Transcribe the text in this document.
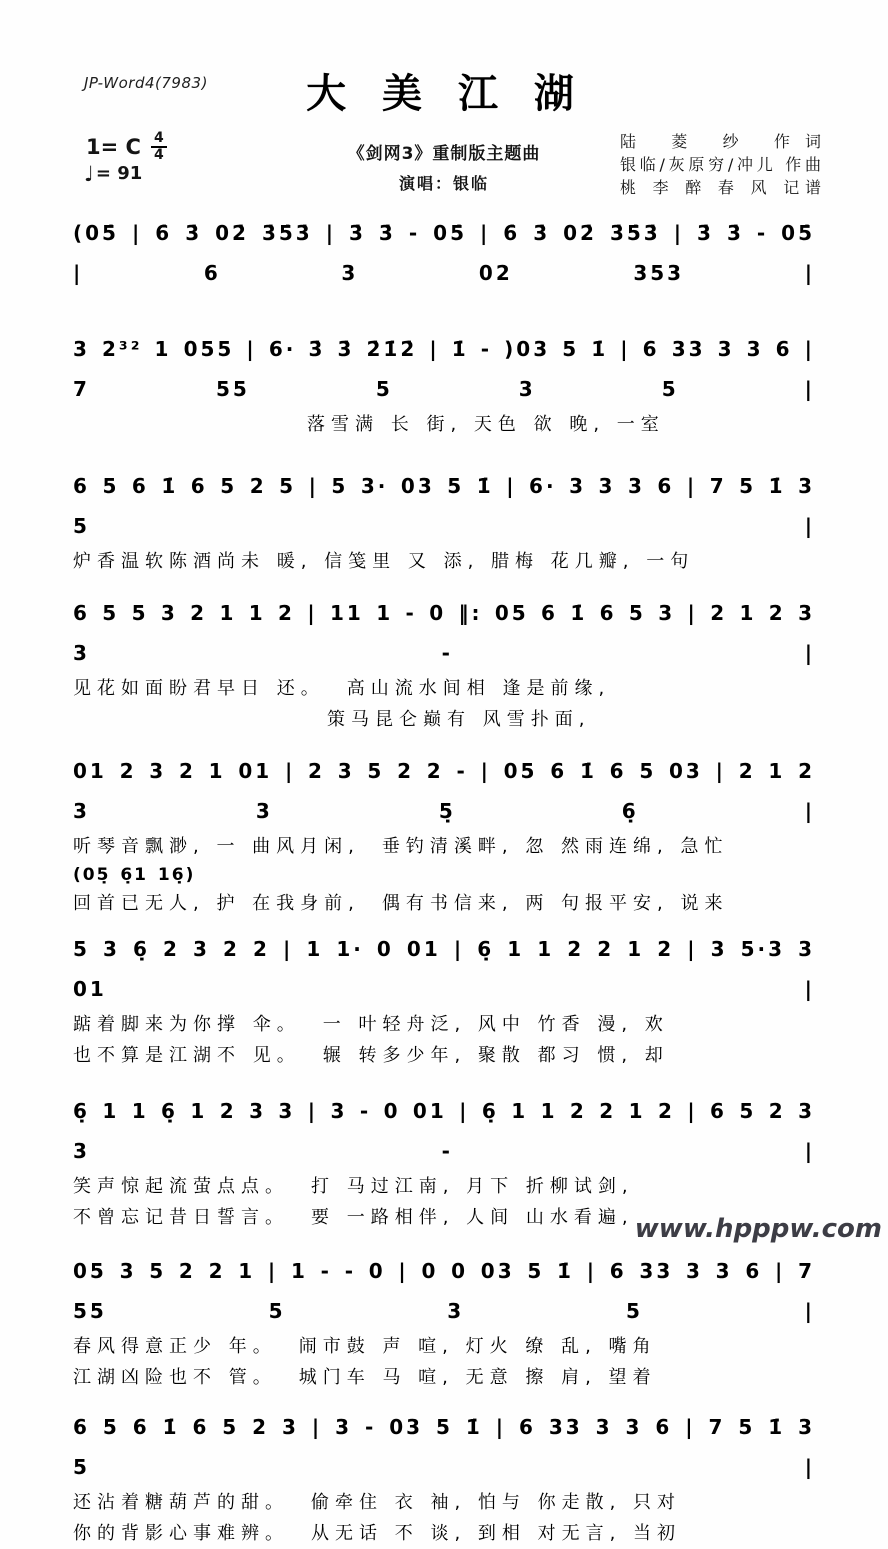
JP-Word4(7983)	大 美 江 湖
《剑网3》重制版主题曲
演唱：银临
1= C $\frac{4}{4}$
♩ = 91
陆 菱 纱 作词
银临/灰原穷/冲儿 作曲
桃 李 醉 春 风 记谱
(05̇ | 6̇ 3̇ 02̇ 3̇5̇3̇ | 3̇ 3̇ - 05̇ | 6̇ 3̇ 02̇ 3̇5̇3̇ | 3̇ 3̇ - 05̇ | 6 3 02 353 |
3 2³² 1 055 | 6· 3̇ 3̇ 2̇1̇2̇ | 1̇ - )03 5 1̇ | 6 33 3 3 6 | 7 55 5 3 5 |
落雪满 长 街, 天色 欲 晚, 一室
6 5 6 1̇ 6 5 2 5 | 5 3· 03 5 1̇ | 6· 3 3 3 6 | 7 5 1̇ 3 5 |
炉香温软陈酒尚未 暖, 信笺里 又 添, 腊梅 花几瓣, 一句
6 5 5 3 2 1 1 2 | 11 1 - 0 ‖: 05 6 1̇ 6 5 3 | 2 1 2 3 3 - |
见花如面盼君早日 还。 高山流水间相 逢是前缘,
策马昆仑巅有 风雪扑面,
01 2 3 2 1 01 | 2 3 5 2 2 - | 05 6 1̇ 6 5 03 | 2 1 2 3 3 5̣ 6̣ |
听琴音飘渺, 一 曲风月闲, 垂钓清溪畔, 忽 然雨连绵, 急忙
(05̣ 6̣1 16̣)
回首已无人, 护 在我身前, 偶有书信来, 两 句报平安, 说来
5 3 6̣ 2 3 2 2 | 1 1· 0 01 | 6̣ 1 1 2 2 1 2 | 3 5·3 3 01 |
踮着脚来为你撑 伞。 一 叶轻舟泛, 风中 竹香 漫, 欢
也不算是江湖不 见。 辗 转多少年, 聚散 都习 惯, 却
6̣ 1 1 6̣ 1 2 3 3 | 3 - 0 01 | 6̣ 1 1 2 2 1 2 | 6 5 2 3 3 - |
笑声惊起流萤点点。 打 马过江南, 月下 折柳试剑,
不曾忘记昔日誓言。 要 一路相伴, 人间 山水看遍,
05 3 5 2 2 1 | 1 - - 0 | 0 0 03 5 1̇ | 6 33 3 3 6 | 7 55 5 3 5 |
春风得意正少 年。 闹市鼓 声 喧, 灯火 缭 乱, 嘴角
江湖凶险也不 管。 城门车 马 喧, 无意 擦 肩, 望着
6 5 6 1̇ 6 5 2 3 | 3 - 03 5 1̇ | 6 33 3 3 6 | 7 5 1̇ 3 5 |
还沾着糖葫芦的甜。 偷牵住 衣 袖, 怕与 你走散, 只对
你的背影心事难辨。 从无话 不 谈, 到相 对无言, 当初
www.hpppw.com
